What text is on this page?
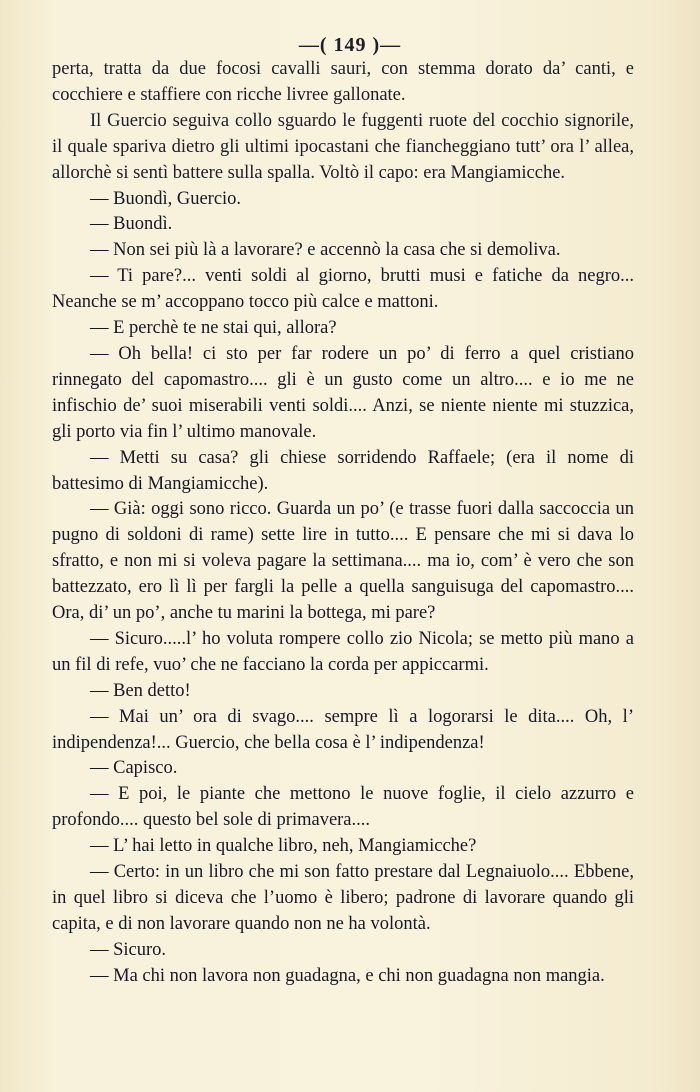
—( 149 )—

perta, tratta da due focosi cavalli sauri, con stemma dorato da’ canti, e cocchiere e staffiere con ricche livree gallonate.

Il Guercio seguiva collo sguardo le fuggenti ruote del cocchio signorile, il quale spariva dietro gli ultimi ipocastani che fiancheggiano tutt’ ora l’ allea, allorchè si sentì battere sulla spalla. Voltò il capo: era Mangiamicche.

— Buondì, Guercio.

— Buondì.

— Non sei più là a lavorare? e accennò la casa che si demoliva.

— Ti pare?... venti soldi al giorno, brutti musi e fatiche da negro... Neanche se m’ accoppano tocco più calce e mattoni.

— E perchè te ne stai qui, allora?

— Oh bella! ci sto per far rodere un po’ di ferro a quel cristiano rinnegato del capomastro.... gli è un gusto come un altro.... e io me ne infischio de’ suoi miserabili venti soldi.... Anzi, se niente niente mi stuzzica, gli porto via fin l’ ultimo manovale.

— Metti su casa? gli chiese sorridendo Raffaele; (era il nome di battesimo di Mangiamicche).

— Già: oggi sono ricco. Guarda un po’ (e trasse fuori dalla saccoccia un pugno di soldoni di rame) sette lire in tutto.... E pensare che mi si dava lo sfratto, e non mi si voleva pagare la settimana.... ma io, com’ è vero che son battezzato, ero lì lì per fargli la pelle a quella sanguisuga del capomastro.... Ora, di’ un po’, anche tu marini la bottega, mi pare?

— Sicuro.....l’ ho voluta rompere collo zio Nicola; se metto più mano a un fil di refe, vuo’ che ne facciano la corda per appiccarmi.

— Ben detto!

— Mai un’ ora di svago.... sempre lì a logorarsi le dita.... Oh, l’ indipendenza!... Guercio, che bella cosa è l’ indipendenza!

— Capisco.

— E poi, le piante che mettono le nuove foglie, il cielo azzurro e profondo.... questo bel sole di primavera....

— L’ hai letto in qualche libro, neh, Mangiamicche?

— Certo: in un libro che mi son fatto prestare dal Legnaiuolo.... Ebbene, in quel libro si diceva che l’uomo è libero; padrone di lavorare quando gli capita, e di non lavorare quando non ne ha volontà.

— Sicuro.

— Ma chi non lavora non guadagna, e chi non guadagna non mangia.
